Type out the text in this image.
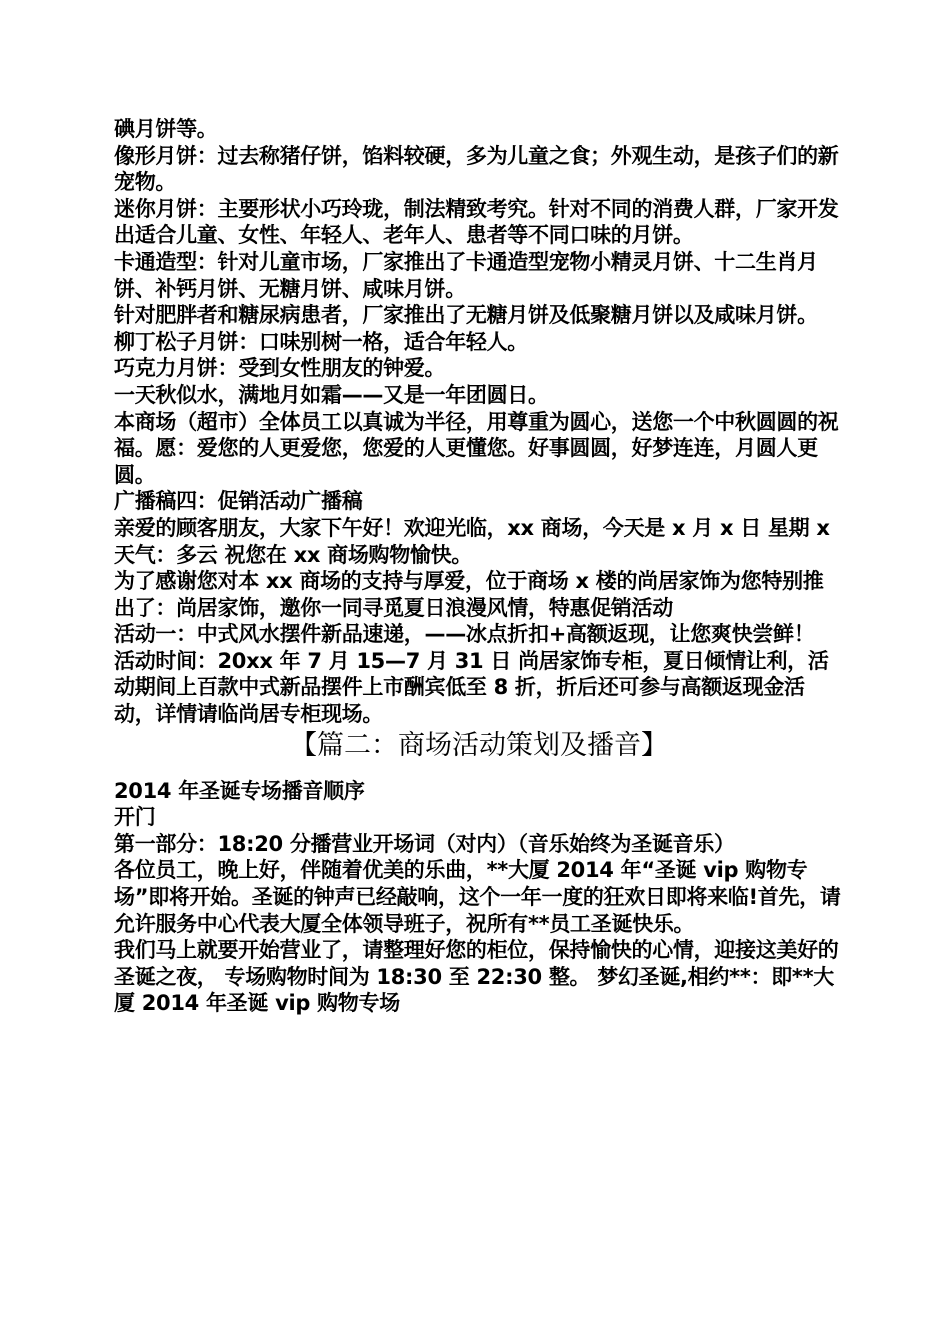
碘月饼等。

像形月饼：过去称猪仔饼，馅料较硬，多为儿童之食；外观生动，是孩子们的新宠物。

迷你月饼：主要形状小巧玲珑，制法精致考究。针对不同的消费人群，厂家开发出适合儿童、女性、年轻人、老年人、患者等不同口味的月饼。

卡通造型：针对儿童市场，厂家推出了卡通造型宠物小精灵月饼、十二生肖月饼、补钙月饼、无糖月饼、咸味月饼。

针对肥胖者和糖尿病患者，厂家推出了无糖月饼及低聚糖月饼以及咸味月饼。

柳丁松子月饼：口味别树一格，适合年轻人。

巧克力月饼：受到女性朋友的钟爱。

一天秋似水，满地月如霜——又是一年团圆日。

本商场（超市）全体员工以真诚为半径，用尊重为圆心，送您一个中秋圆圆的祝福。愿：爱您的人更爱您，您爱的人更懂您。好事圆圆，好梦连连，月圆人更圆。

广播稿四：促销活动广播稿

亲爱的顾客朋友，大家下午好！欢迎光临，xx 商场，今天是 x 月 x 日 星期 x

天气：多云 祝您在 xx 商场购物愉快。

为了感谢您对本 xx 商场的支持与厚爱，位于商场 x 楼的尚居家饰为您特别推出了：尚居家饰，邀你一同寻觅夏日浪漫风情，特惠促销活动

活动一：中式风水摆件新品速递，——冰点折扣+高额返现，让您爽快尝鲜！

活动时间：20xx 年 7 月 15—7 月 31 日 尚居家饰专柜，夏日倾情让利，活动期间上百款中式新品摆件上市酬宾低至 8 折，折后还可参与高额返现金活动，详情请临尚居专柜现场。

【篇二：商场活动策划及播音】

2014 年圣诞专场播音顺序

开门

第一部分：18:20 分播营业开场词（对内）（音乐始终为圣诞音乐）

各位员工，晚上好，伴随着优美的乐曲，**大厦 2014 年“圣诞 vip 购物专场”即将开始。圣诞的钟声已经敲响，这个一年一度的狂欢日即将来临!首先，请允许服务中心代表大厦全体领导班子，祝所有**员工圣诞快乐。

我们马上就要开始营业了，请整理好您的柜位，保持愉快的心情，迎接这美好的圣诞之夜， 专场购物时间为 18:30 至 22:30 整。 梦幻圣诞,相约**：即**大厦 2014 年圣诞 vip 购物专场
